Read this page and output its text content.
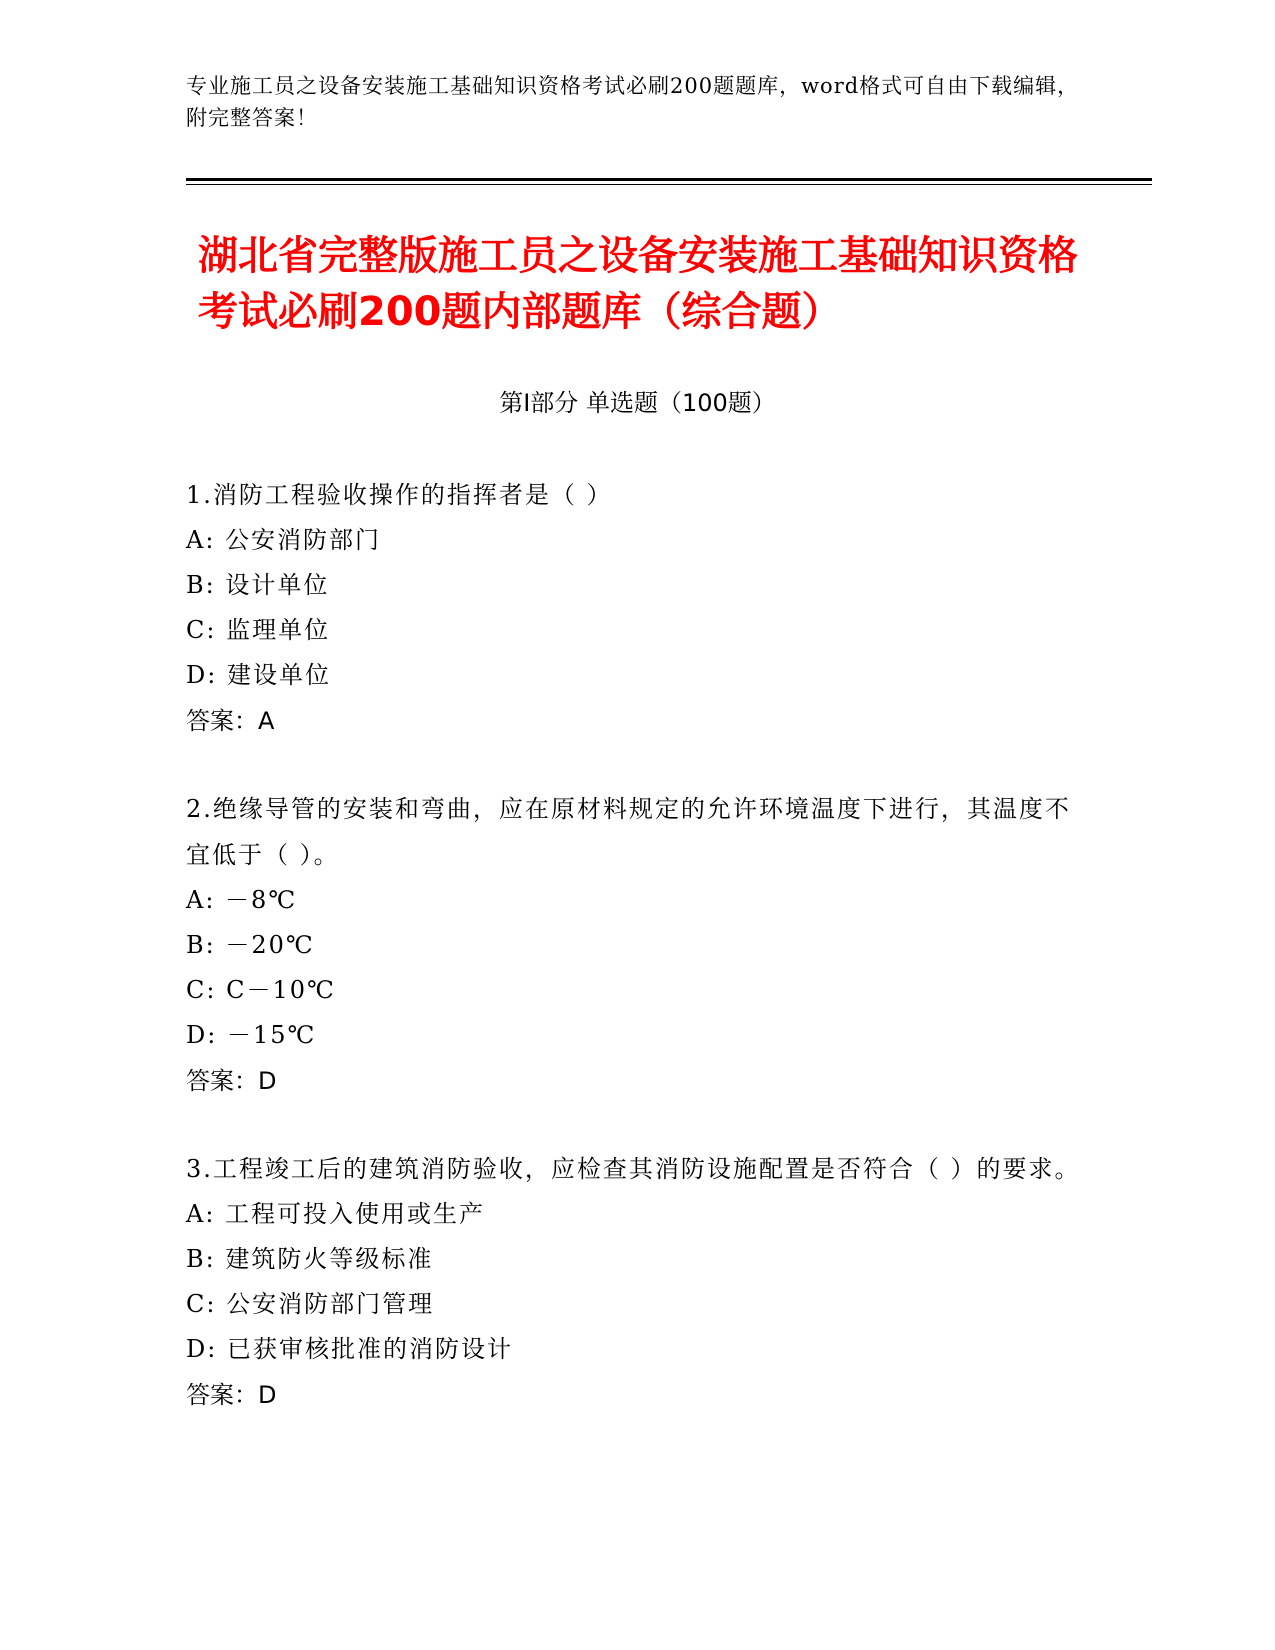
专业施工员之设备安装施工基础知识资格考试必刷200题题库，word格式可自由下载编辑，附完整答案！
湖北省完整版施工员之设备安装施工基础知识资格考试必刷200题内部题库（综合题）
第Ⅰ部分 单选题（100题）

1.消防工程验收操作的指挥者是（ ）

A: 公安消防部门

B: 设计单位

C: 监理单位

D: 建设单位

答案：A

2.绝缘导管的安装和弯曲，应在原材料规定的允许环境温度下进行，其温度不宜低于（ ）。

A: －8℃

B: －20℃

C: C－10℃

D: －15℃

答案：D

3.工程竣工后的建筑消防验收，应检查其消防设施配置是否符合（ ）的要求。

A: 工程可投入使用或生产

B: 建筑防火等级标准

C: 公安消防部门管理

D: 已获审核批准的消防设计

答案：D
